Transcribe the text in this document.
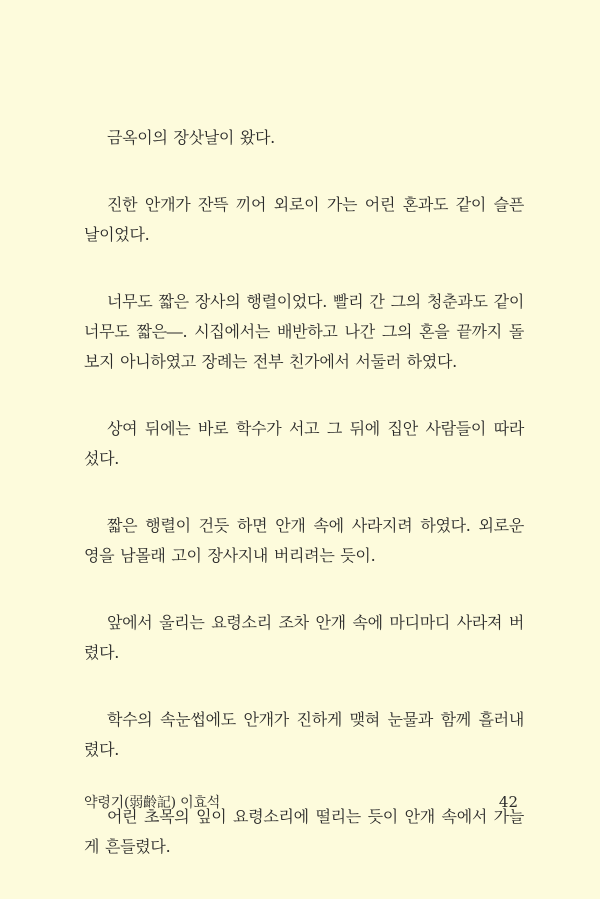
금옥이의 장삿날이 왔다.

진한 안개가 잔뜩 끼어 외로이 가는 어린 혼과도 같이 슬픈 날이었다.

너무도 짧은 장사의 행렬이었다. 빨리 간 그의 청춘과도 같이 너무도 짧은―. 시집에서는 배반하고 나간 그의 혼을 끝까지 돌보지 아니하였고 장례는 전부 친가에서 서둘러 하였다.

상여 뒤에는 바로 학수가 서고 그 뒤에 집안 사람들이 따라 섰다.

짧은 행렬이 건듯 하면 안개 속에 사라지려 하였다. 외로운 영을 남몰래 고이 장사지내 버리려는 듯이.

앞에서 울리는 요령소리 조차 안개 속에 마디마디 사라져 버렸다.

학수의 속눈썹에도 안개가 진하게 맺혀 눈물과 함께 흘러내렸다.

어린 초목의 잎이 요령소리에 떨리는 듯이 안개 속에서 가늘게 흔들렸다.

약령기(弱齡記) 이효석	42
